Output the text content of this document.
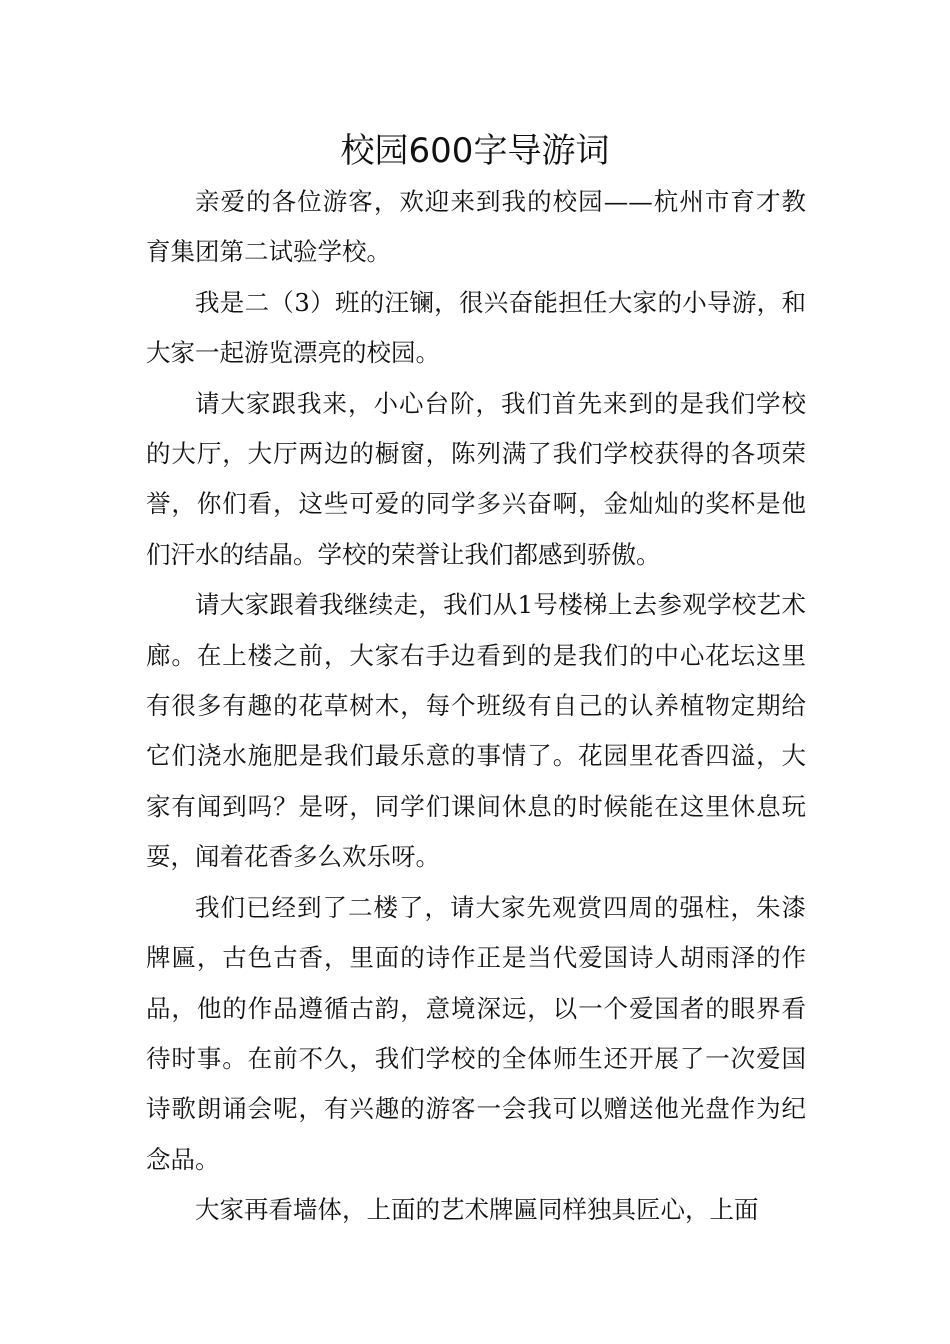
校园600字导游词

亲爱的各位游客，欢迎来到我的校园——杭州市育才教育集团第二试验学校。

我是二（3）班的汪镧，很兴奋能担任大家的小导游，和大家一起游览漂亮的校园。

请大家跟我来，小心台阶，我们首先来到的是我们学校的大厅，大厅两边的橱窗，陈列满了我们学校获得的各项荣誉，你们看，这些可爱的同学多兴奋啊，金灿灿的奖杯是他们汗水的结晶。学校的荣誉让我们都感到骄傲。

请大家跟着我继续走，我们从1号楼梯上去参观学校艺术廊。在上楼之前，大家右手边看到的是我们的中心花坛这里有很多有趣的花草树木，每个班级有自己的认养植物定期给它们浇水施肥是我们最乐意的事情了。花园里花香四溢，大家有闻到吗？是呀，同学们课间休息的时候能在这里休息玩耍，闻着花香多么欢乐呀。

我们已经到了二楼了，请大家先观赏四周的强柱，朱漆牌匾，古色古香，里面的诗作正是当代爱国诗人胡雨泽的作品，他的作品遵循古韵，意境深远，以一个爱国者的眼界看待时事。在前不久，我们学校的全体师生还开展了一次爱国诗歌朗诵会呢，有兴趣的游客一会我可以赠送他光盘作为纪念品。

大家再看墙体，上面的艺术牌匾同样独具匠心，上面
